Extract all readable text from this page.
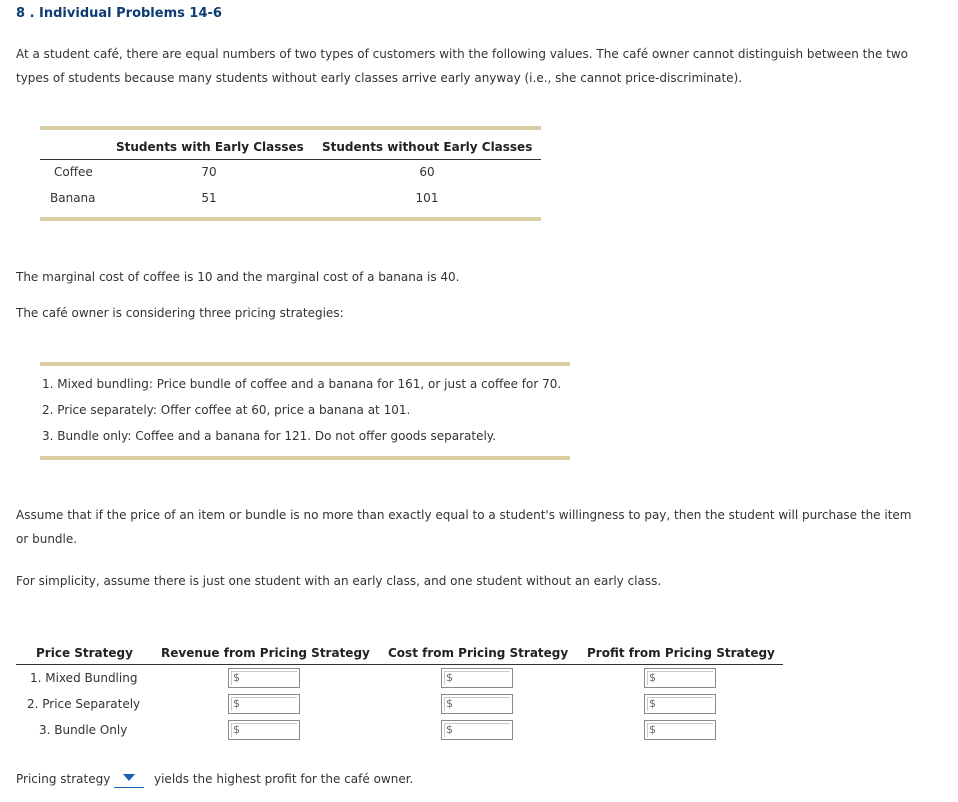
8 . Individual Problems 14-6
At a student café, there are equal numbers of two types of customers with the following values. The café owner cannot distinguish between the two
types of students because many students without early classes arrive early anyway (i.e., she cannot price-discriminate).
Students with Early Classes Students without Early Classes
Coffee	70	60
Banana	51	101
The marginal cost of coffee is 10 and the marginal cost of a banana is 40.
The café owner is considering three pricing strategies:
1. Mixed bundling: Price bundle of coffee and a banana for 161, or just a coffee for 70.
2. Price separately: Offer coffee at 60, price a banana at 101.
3. Bundle only: Coffee and a banana for 121. Do not offer goods separately.
Assume that if the price of an item or bundle is no more than exactly equal to a student's willingness to pay, then the student will purchase the item
or bundle.
For simplicity, assume there is just one student with an early class, and one student without an early class.
Price Strategy Revenue from Pricing Strategy Cost from Pricing Strategy Profit from Pricing Strategy
1. Mixed Bundling	$	$	$
2. Price Separately	$	$	$
3. Bundle Only	$	$	$
Pricing strategy	yields the highest profit for the café owner.
